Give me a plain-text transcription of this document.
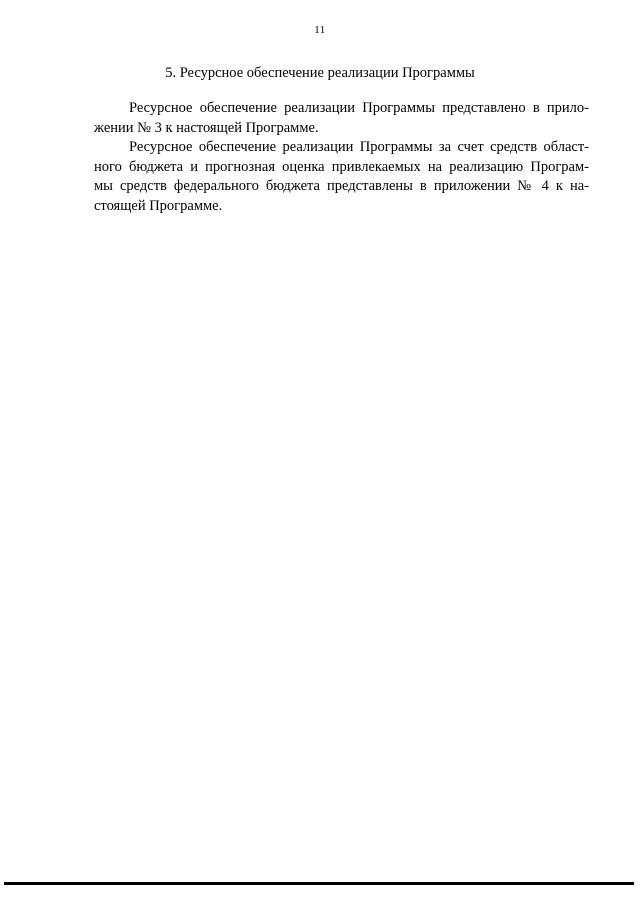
11
5. Ресурсное обеспечение реализации Программы
Ресурсное обеспечение реализации Программы представлено в прило-
жении № 3 к настоящей Программе.
Ресурсное обеспечение реализации Программы за счет средств област-
ного бюджета и прогнозная оценка привлекаемых на реализацию Програм-
мы средств федерального бюджета представлены в приложении № 4 к на-
стоящей Программе.
